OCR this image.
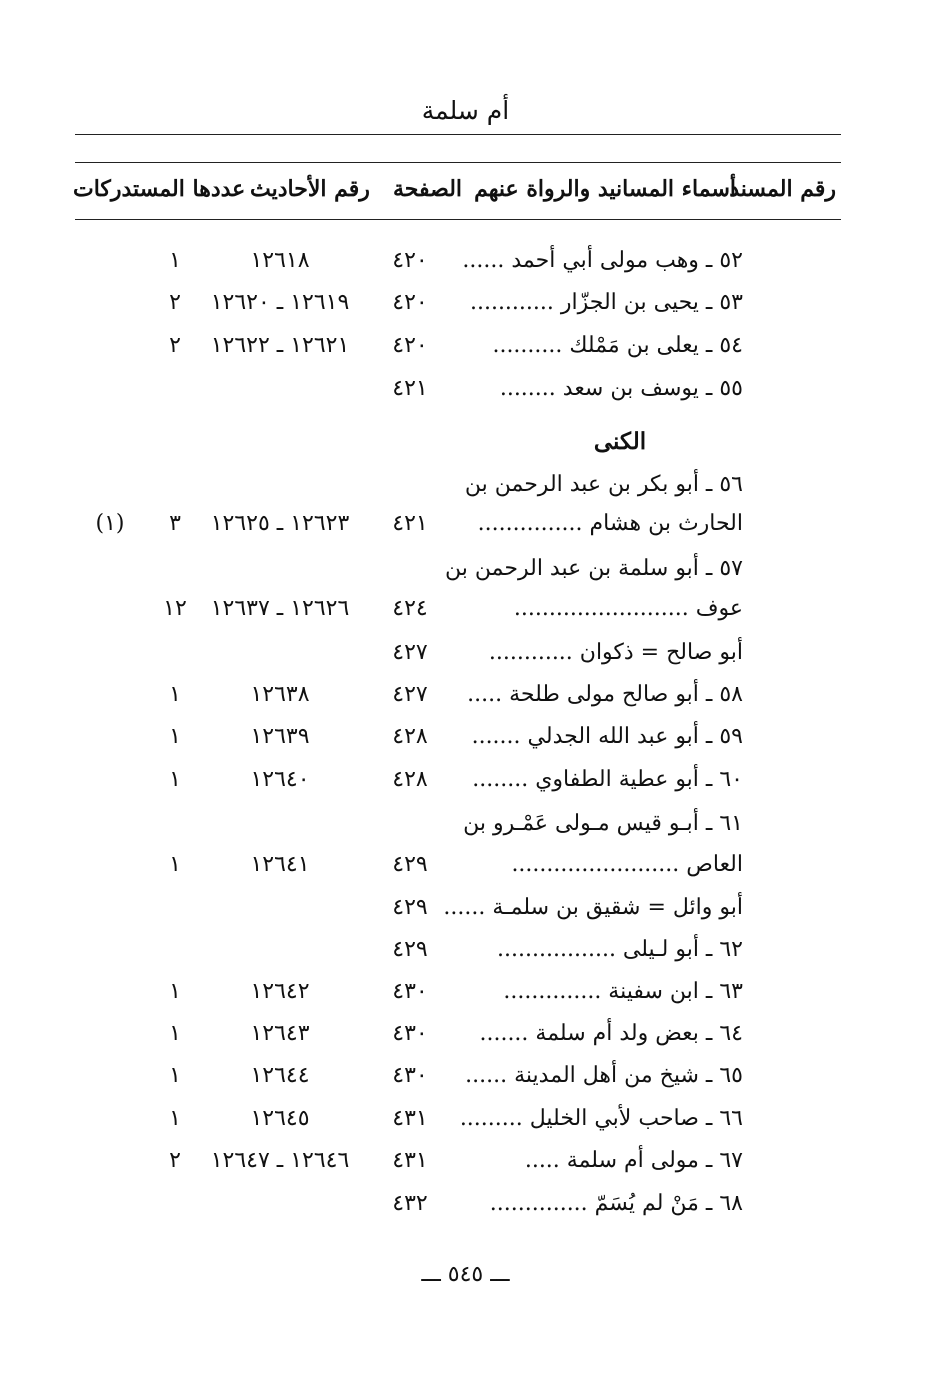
أم سلمة
رقم المسند
أسماء المسانيد والرواة عنهم
الصفحة
رقم الأحاديث
عددها المستدركات
الكنى
٥٢ ـ وهب مولى أبي أحمد ......
٤٢٠
١٢٦١٨
١
٥٣ ـ يحيى بن الجزّار ............
٤٢٠
١٢٦١٩ ـ ١٢٦٢٠
٢
٥٤ ـ يعلى بن مَمْلك ..........
٤٢٠
١٢٦٢١ ـ ١٢٦٢٢
٢
٥٥ ـ يوسف بن سعد ........
٤٢١
٥٦ ـ أبو بكر بن عبد الرحمن بن
الحارث بن هشام ...............
٤٢١
١٢٦٢٣ ـ ١٢٦٢٥
٣
(١)
٥٧ ـ أبو سلمة بن عبد الرحمن بن
عوف .........................
٤٢٤
١٢٦٢٦ ـ ١٢٦٣٧
١٢
أبو صالح = ذكوان ............
٤٢٧
٥٨ ـ أبو صالح مولى طلحة .....
٤٢٧
١٢٦٣٨
١
٥٩ ـ أبو عبد الله الجدلي .......
٤٢٨
١٢٦٣٩
١
٦٠ ـ أبو عطية الطفاوي ........
٤٢٨
١٢٦٤٠
١
٦١ ـ أبـو قيس مـولى عَمْـرو بن
العاص ........................
٤٢٩
١٢٦٤١
١
أبو وائل = شقيق بن سلمـة ......
٤٢٩
٦٢ ـ أبو لـيلى .................
٤٢٩
٦٣ ـ ابن سفينة ..............
٤٣٠
١٢٦٤٢
١
٦٤ ـ بعض ولد أم سلمة .......
٤٣٠
١٢٦٤٣
١
٦٥ ـ شيخ من أهل المدينة ......
٤٣٠
١٢٦٤٤
١
٦٦ ـ صاحب لأبي الخليل .........
٤٣١
١٢٦٤٥
١
٦٧ ـ مولى أم سلمة .....
٤٣١
١٢٦٤٦ ـ ١٢٦٤٧
٢
٦٨ ـ مَنْ لم يُسَمّ ..............
٤٣٢
ـــ ٥٤٥ ـــ
